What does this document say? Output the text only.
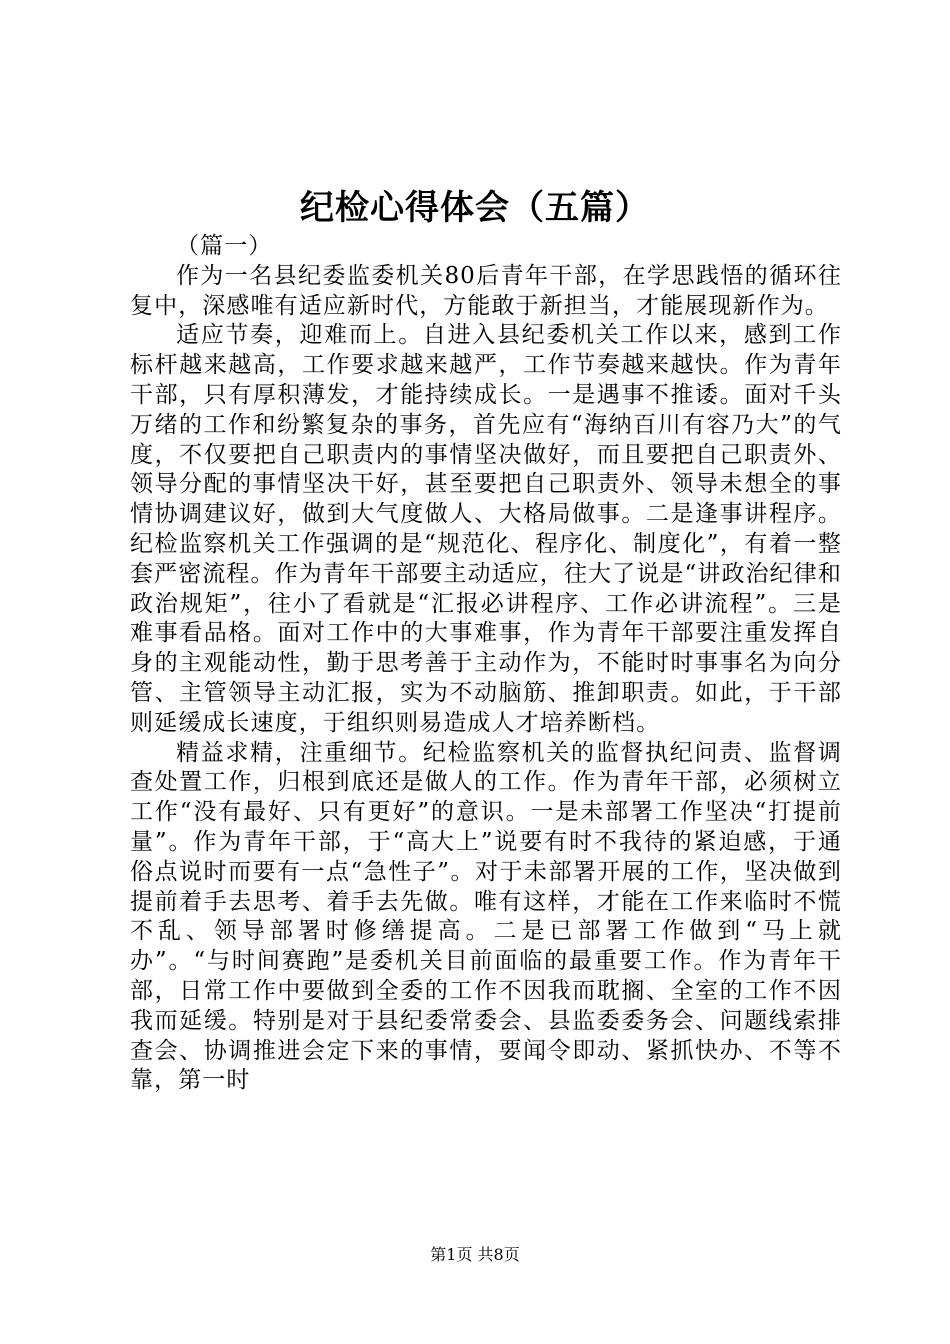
纪检心得体会（五篇）

（篇一）

作为一名县纪委监委机关80后青年干部，在学思践悟的循环往复中，深感唯有适应新时代，方能敢于新担当，才能展现新作为。

适应节奏，迎难而上。自进入县纪委机关工作以来，感到工作标杆越来越高，工作要求越来越严，工作节奏越来越快。作为青年干部，只有厚积薄发，才能持续成长。一是遇事不推诿。面对千头万绪的工作和纷繁复杂的事务，首先应有“海纳百川有容乃大”的气度，不仅要把自己职责内的事情坚决做好，而且要把自己职责外、领导分配的事情坚决干好，甚至要把自己职责外、领导未想全的事情协调建议好，做到大气度做人、大格局做事。二是逢事讲程序。纪检监察机关工作强调的是“规范化、程序化、制度化”，有着一整套严密流程。作为青年干部要主动适应，往大了说是“讲政治纪律和政治规矩”，往小了看就是“汇报必讲程序、工作必讲流程”。三是难事看品格。面对工作中的大事难事，作为青年干部要注重发挥自身的主观能动性，勤于思考善于主动作为，不能时时事事名为向分管、主管领导主动汇报，实为不动脑筋、推卸职责。如此，于干部则延缓成长速度，于组织则易造成人才培养断档。

精益求精，注重细节。纪检监察机关的监督执纪问责、监督调查处置工作，归根到底还是做人的工作。作为青年干部，必须树立工作“没有最好、只有更好”的意识。一是未部署工作坚决“打提前量”。作为青年干部，于“高大上”说要有时不我待的紧迫感，于通俗点说时而要有一点“急性子”。对于未部署开展的工作，坚决做到提前着手去思考、着手去先做。唯有这样，才能在工作来临时不慌不乱、领导部署时修缮提高。二是已部署工作做到“马上就办”。“与时间赛跑”是委机关目前面临的最重要工作。作为青年干部，日常工作中要做到全委的工作不因我而耽搁、全室的工作不因我而延缓。特别是对于县纪委常委会、县监委委务会、问题线索排查会、协调推进会定下来的事情，要闻令即动、紧抓快办、不等不靠，第一时

第1页 共8页
